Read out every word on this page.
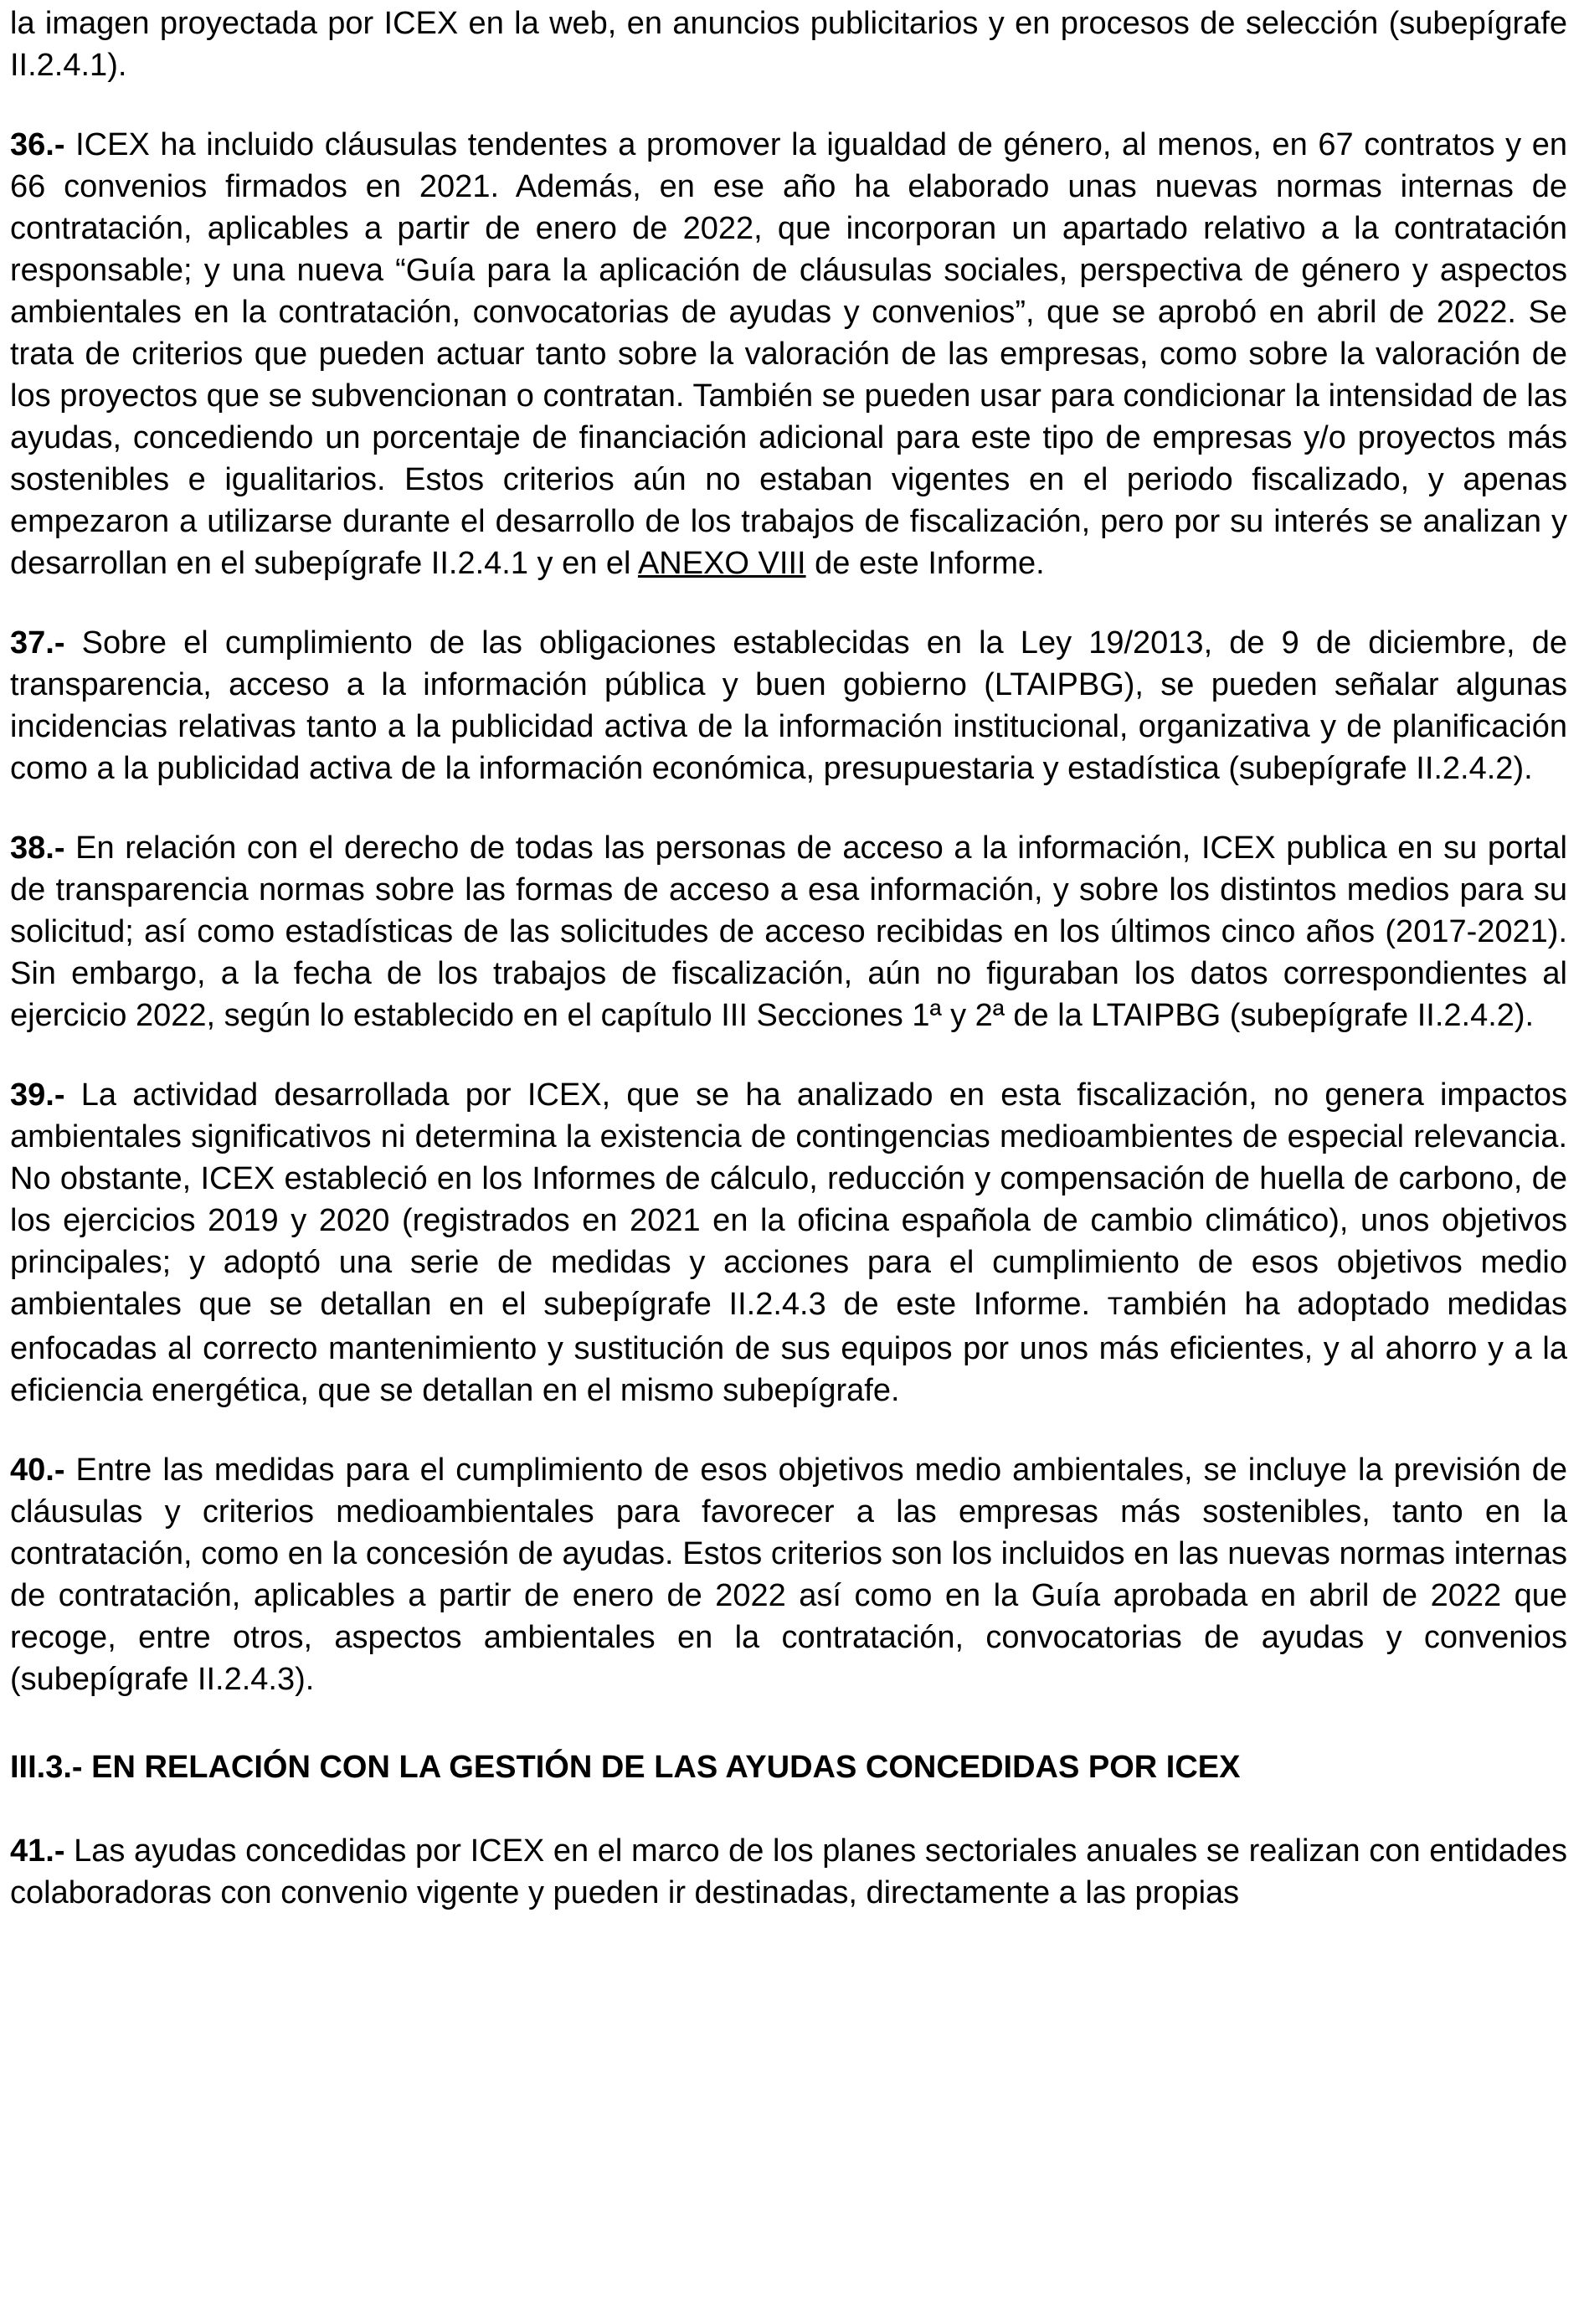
la imagen proyectada por ICEX en la web, en anuncios publicitarios y en procesos de selección (subepígrafe II.2.4.1).

36.- ICEX ha incluido cláusulas tendentes a promover la igualdad de género, al menos, en 67 contratos y en 66 convenios firmados en 2021. Además, en ese año ha elaborado unas nuevas normas internas de contratación, aplicables a partir de enero de 2022, que incorporan un apartado relativo a la contratación responsable; y una nueva “Guía para la aplicación de cláusulas sociales, perspectiva de género y aspectos ambientales en la contratación, convocatorias de ayudas y convenios”, que se aprobó en abril de 2022. Se trata de criterios que pueden actuar tanto sobre la valoración de las empresas, como sobre la valoración de los proyectos que se subvencionan o contratan. También se pueden usar para condicionar la intensidad de las ayudas, concediendo un porcentaje de financiación adicional para este tipo de empresas y/o proyectos más sostenibles e igualitarios. Estos criterios aún no estaban vigentes en el periodo fiscalizado, y apenas empezaron a utilizarse durante el desarrollo de los trabajos de fiscalización, pero por su interés se analizan y desarrollan en el subepígrafe II.2.4.1 y en el ANEXO VIII de este Informe.

37.- Sobre el cumplimiento de las obligaciones establecidas en la Ley 19/2013, de 9 de diciembre, de transparencia, acceso a la información pública y buen gobierno (LTAIPBG), se pueden señalar algunas incidencias relativas tanto a la publicidad activa de la información institucional, organizativa y de planificación como a la publicidad activa de la información económica, presupuestaria y estadística (subepígrafe II.2.4.2).

38.- En relación con el derecho de todas las personas de acceso a la información, ICEX publica en su portal de transparencia normas sobre las formas de acceso a esa información, y sobre los distintos medios para su solicitud; así como estadísticas de las solicitudes de acceso recibidas en los últimos cinco años (2017-2021). Sin embargo, a la fecha de los trabajos de fiscalización, aún no figuraban los datos correspondientes al ejercicio 2022, según lo establecido en el capítulo III Secciones 1ª y 2ª de la LTAIPBG (subepígrafe II.2.4.2).

39.- La actividad desarrollada por ICEX, que se ha analizado en esta fiscalización, no genera impactos ambientales significativos ni determina la existencia de contingencias medioambientes de especial relevancia. No obstante, ICEX estableció en los Informes de cálculo, reducción y compensación de huella de carbono, de los ejercicios 2019 y 2020 (registrados en 2021 en la oficina española de cambio climático), unos objetivos principales; y adoptó una serie de medidas y acciones para el cumplimiento de esos objetivos medio ambientales que se detallan en el subepígrafe II.2.4.3 de este Informe. También ha adoptado medidas enfocadas al correcto mantenimiento y sustitución de sus equipos por unos más eficientes, y al ahorro y a la eficiencia energética, que se detallan en el mismo subepígrafe.

40.- Entre las medidas para el cumplimiento de esos objetivos medio ambientales, se incluye la previsión de cláusulas y criterios medioambientales para favorecer a las empresas más sostenibles, tanto en la contratación, como en la concesión de ayudas. Estos criterios son los incluidos en las nuevas normas internas de contratación, aplicables a partir de enero de 2022 así como en la Guía aprobada en abril de 2022 que recoge, entre otros, aspectos ambientales en la contratación, convocatorias de ayudas y convenios (subepígrafe II.2.4.3).

III.3.- EN RELACIÓN CON LA GESTIÓN DE LAS AYUDAS CONCEDIDAS POR ICEX

41.- Las ayudas concedidas por ICEX en el marco de los planes sectoriales anuales se realizan con entidades colaboradoras con convenio vigente y pueden ir destinadas, directamente a las propias
